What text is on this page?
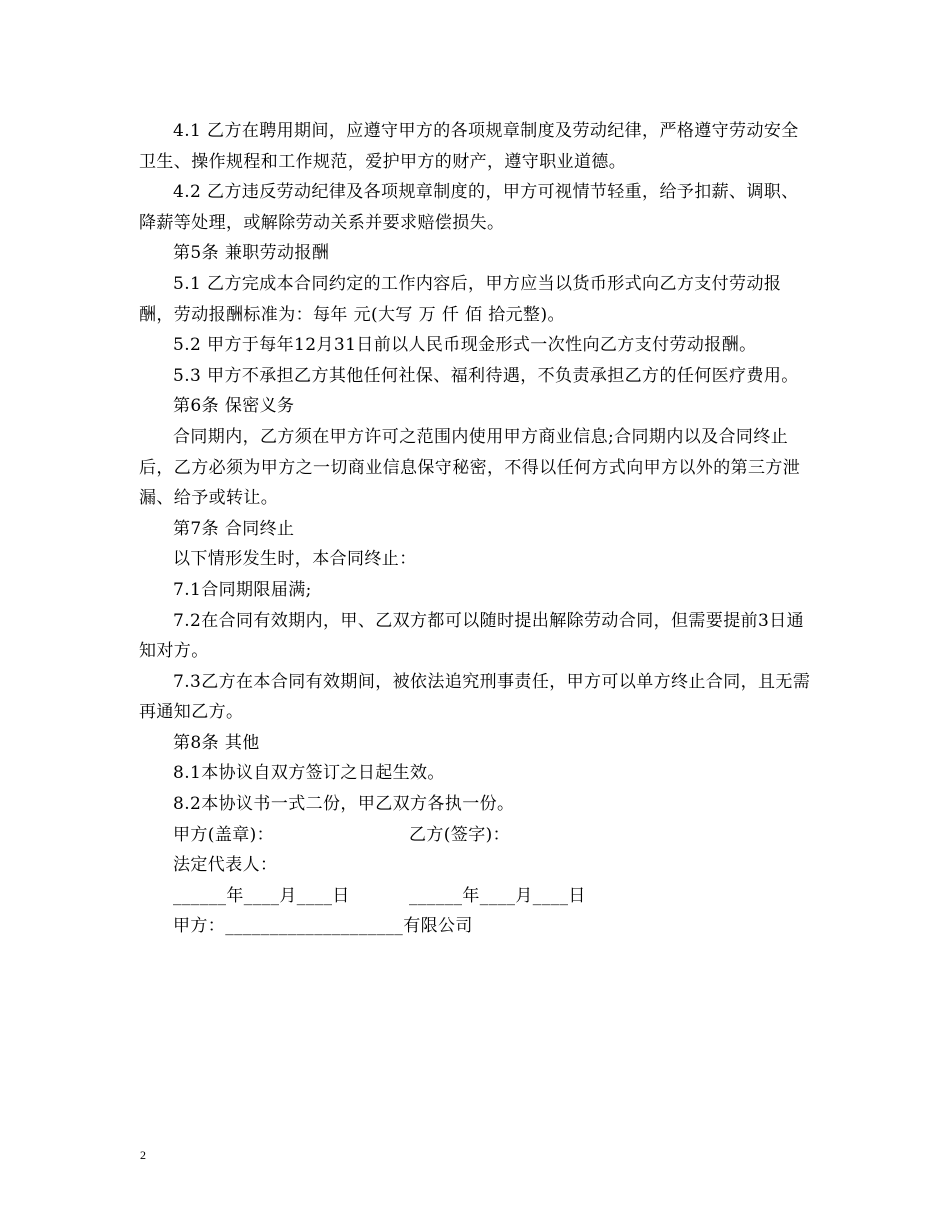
4.1 乙方在聘用期间，应遵守甲方的各项规章制度及劳动纪律，严格遵守劳动安全卫生、操作规程和工作规范，爱护甲方的财产，遵守职业道德。

4.2 乙方违反劳动纪律及各项规章制度的，甲方可视情节轻重，给予扣薪、调职、降薪等处理，或解除劳动关系并要求赔偿损失。

第5条 兼职劳动报酬

5.1 乙方完成本合同约定的工作内容后，甲方应当以货币形式向乙方支付劳动报酬，劳动报酬标准为：每年 元(大写 万 仟 佰 拾元整)。

5.2 甲方于每年12月31日前以人民币现金形式一次性向乙方支付劳动报酬。

5.3 甲方不承担乙方其他任何社保、福利待遇，不负责承担乙方的任何医疗费用。

第6条 保密义务

合同期内，乙方须在甲方许可之范围内使用甲方商业信息;合同期内以及合同终止后，乙方必须为甲方之一切商业信息保守秘密，不得以任何方式向甲方以外的第三方泄漏、给予或转让。

第7条 合同终止

以下情形发生时，本合同终止：

7.1合同期限届满;

7.2在合同有效期内，甲、乙双方都可以随时提出解除劳动合同，但需要提前3日通知对方。

7.3乙方在本合同有效期间，被依法追究刑事责任，甲方可以单方终止合同，且无需再通知乙方。

第8条 其他

8.1本协议自双方签订之日起生效。

8.2本协议书一式二份，甲乙双方各执一份。

甲方(盖章)：	乙方(签字)：
法定代表人：
______年____月____日	______年____月____日
甲方：____________________有限公司
2
